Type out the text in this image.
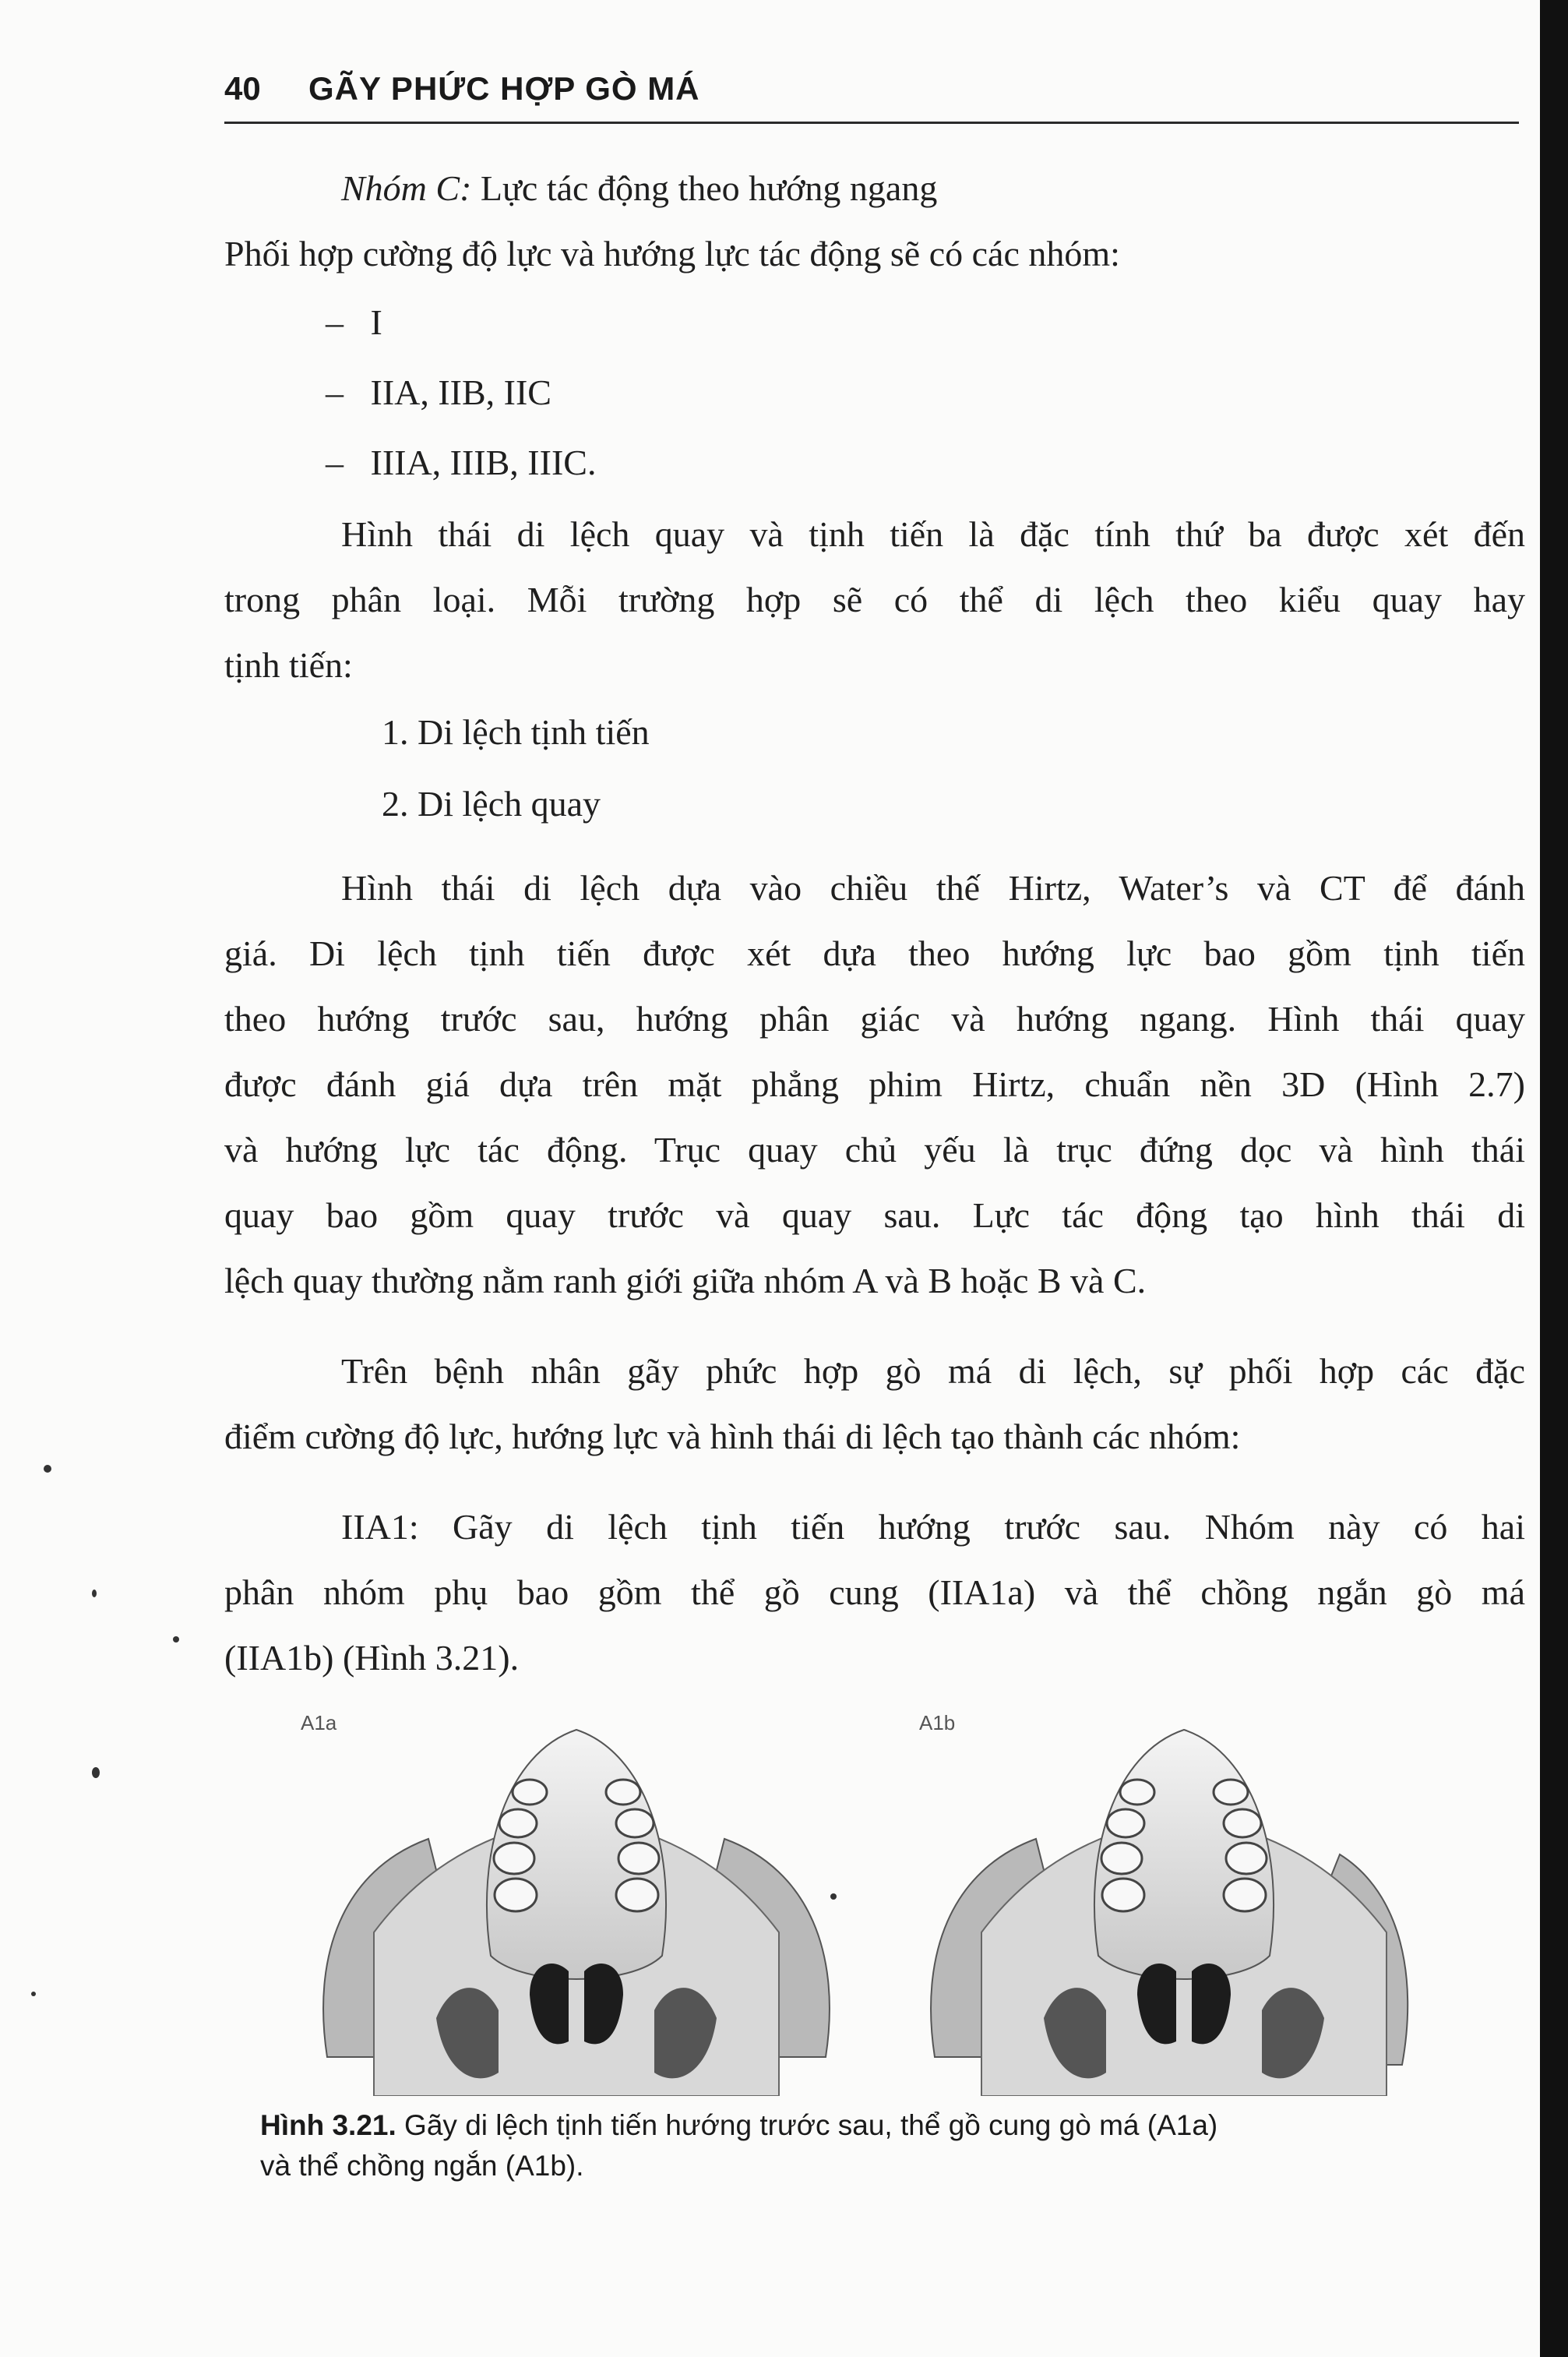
40 GÃY PHỨC HỢP GÒ MÁ
Nhóm C: Lực tác động theo hướng ngang
Phối hợp cường độ lực và hướng lực tác động sẽ có các nhóm:
–   I
–   IIA, IIB, IIC
–   IIIA, IIIB, IIIC.
Hình thái di lệch quay và tịnh tiến là đặc tính thứ ba được xét đến
trong phân loại. Mỗi trường hợp sẽ có thể di lệch theo kiểu quay hay
tịnh tiến:
1. Di lệch tịnh tiến
2. Di lệch quay
Hình thái di lệch dựa vào chiều thế Hirtz, Water’s và CT để đánh
giá. Di lệch tịnh tiến được xét dựa theo hướng lực bao gồm tịnh tiến
theo hướng trước sau, hướng phân giác và hướng ngang. Hình thái quay
được đánh giá dựa trên mặt phẳng phim Hirtz, chuẩn nền 3D (Hình 2.7)
và hướng lực tác động. Trục quay chủ yếu là trục đứng dọc và hình thái
quay bao gồm quay trước và quay sau. Lực tác động tạo hình thái di
lệch quay thường nằm ranh giới giữa nhóm A và B hoặc B và C.
Trên bệnh nhân gãy phức hợp gò má di lệch, sự phối hợp các đặc
điểm cường độ lực, hướng lực và hình thái di lệch tạo thành các nhóm:
IIA1: Gãy di lệch tịnh tiến hướng trước sau. Nhóm này có hai
phân nhóm phụ bao gồm thể gồ cung (IIA1a) và thể chồng ngắn gò má
(IIA1b) (Hình 3.21).
A1a	A1b
Hình 3.21. Gãy di lệch tịnh tiến hướng trước sau, thể gồ cung gò má (A1a)
và thể chồng ngắn (A1b).
